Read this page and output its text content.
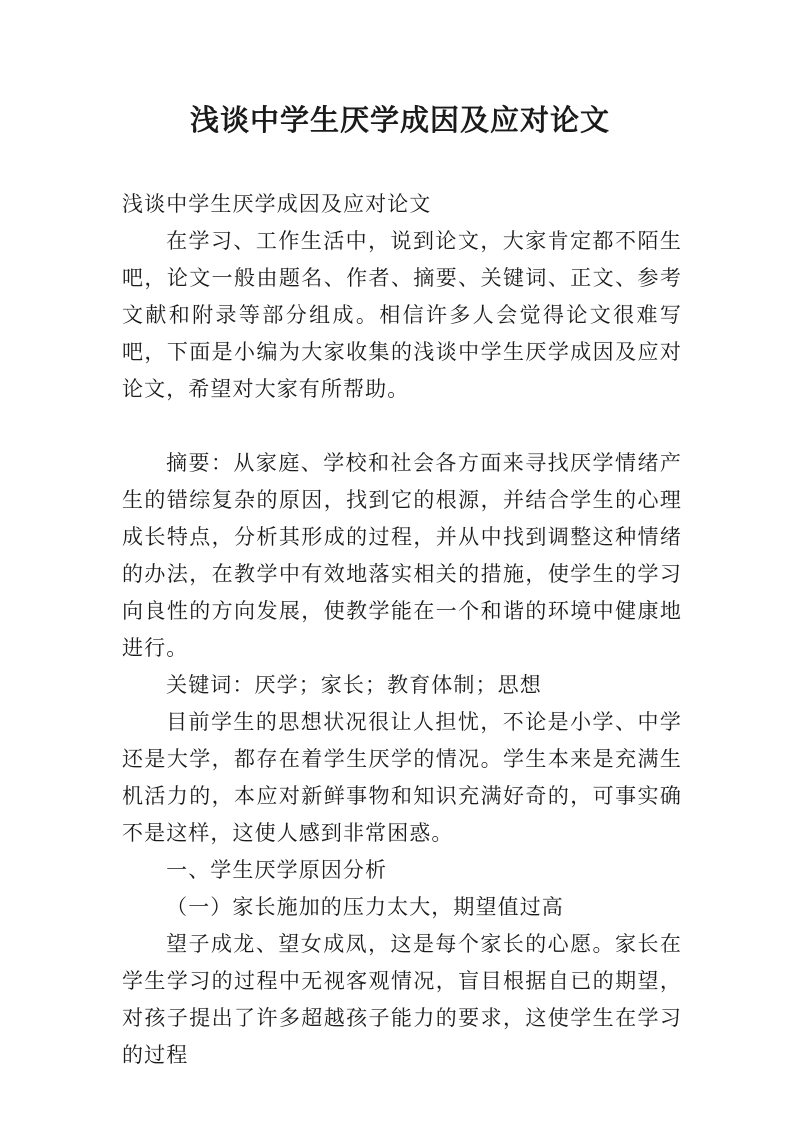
浅谈中学生厌学成因及应对论文

浅谈中学生厌学成因及应对论文

在学习、工作生活中，说到论文，大家肯定都不陌生吧，论文一般由题名、作者、摘要、关键词、正文、参考文献和附录等部分组成。相信许多人会觉得论文很难写吧，下面是小编为大家收集的浅谈中学生厌学成因及应对论文，希望对大家有所帮助。

摘要：从家庭、学校和社会各方面来寻找厌学情绪产生的错综复杂的原因，找到它的根源，并结合学生的心理成长特点，分析其形成的过程，并从中找到调整这种情绪的办法，在教学中有效地落实相关的措施，使学生的学习向良性的方向发展，使教学能在一个和谐的环境中健康地进行。

关键词：厌学；家长；教育体制；思想

目前学生的思想状况很让人担忧，不论是小学、中学还是大学，都存在着学生厌学的情况。学生本来是充满生机活力的，本应对新鲜事物和知识充满好奇的，可事实确不是这样，这使人感到非常困惑。

一、学生厌学原因分析

（一）家长施加的压力太大，期望值过高

望子成龙、望女成凤，这是每个家长的心愿。家长在学生学习的过程中无视客观情况，盲目根据自已的期望，对孩子提出了许多超越孩子能力的要求，这使学生在学习的过程
